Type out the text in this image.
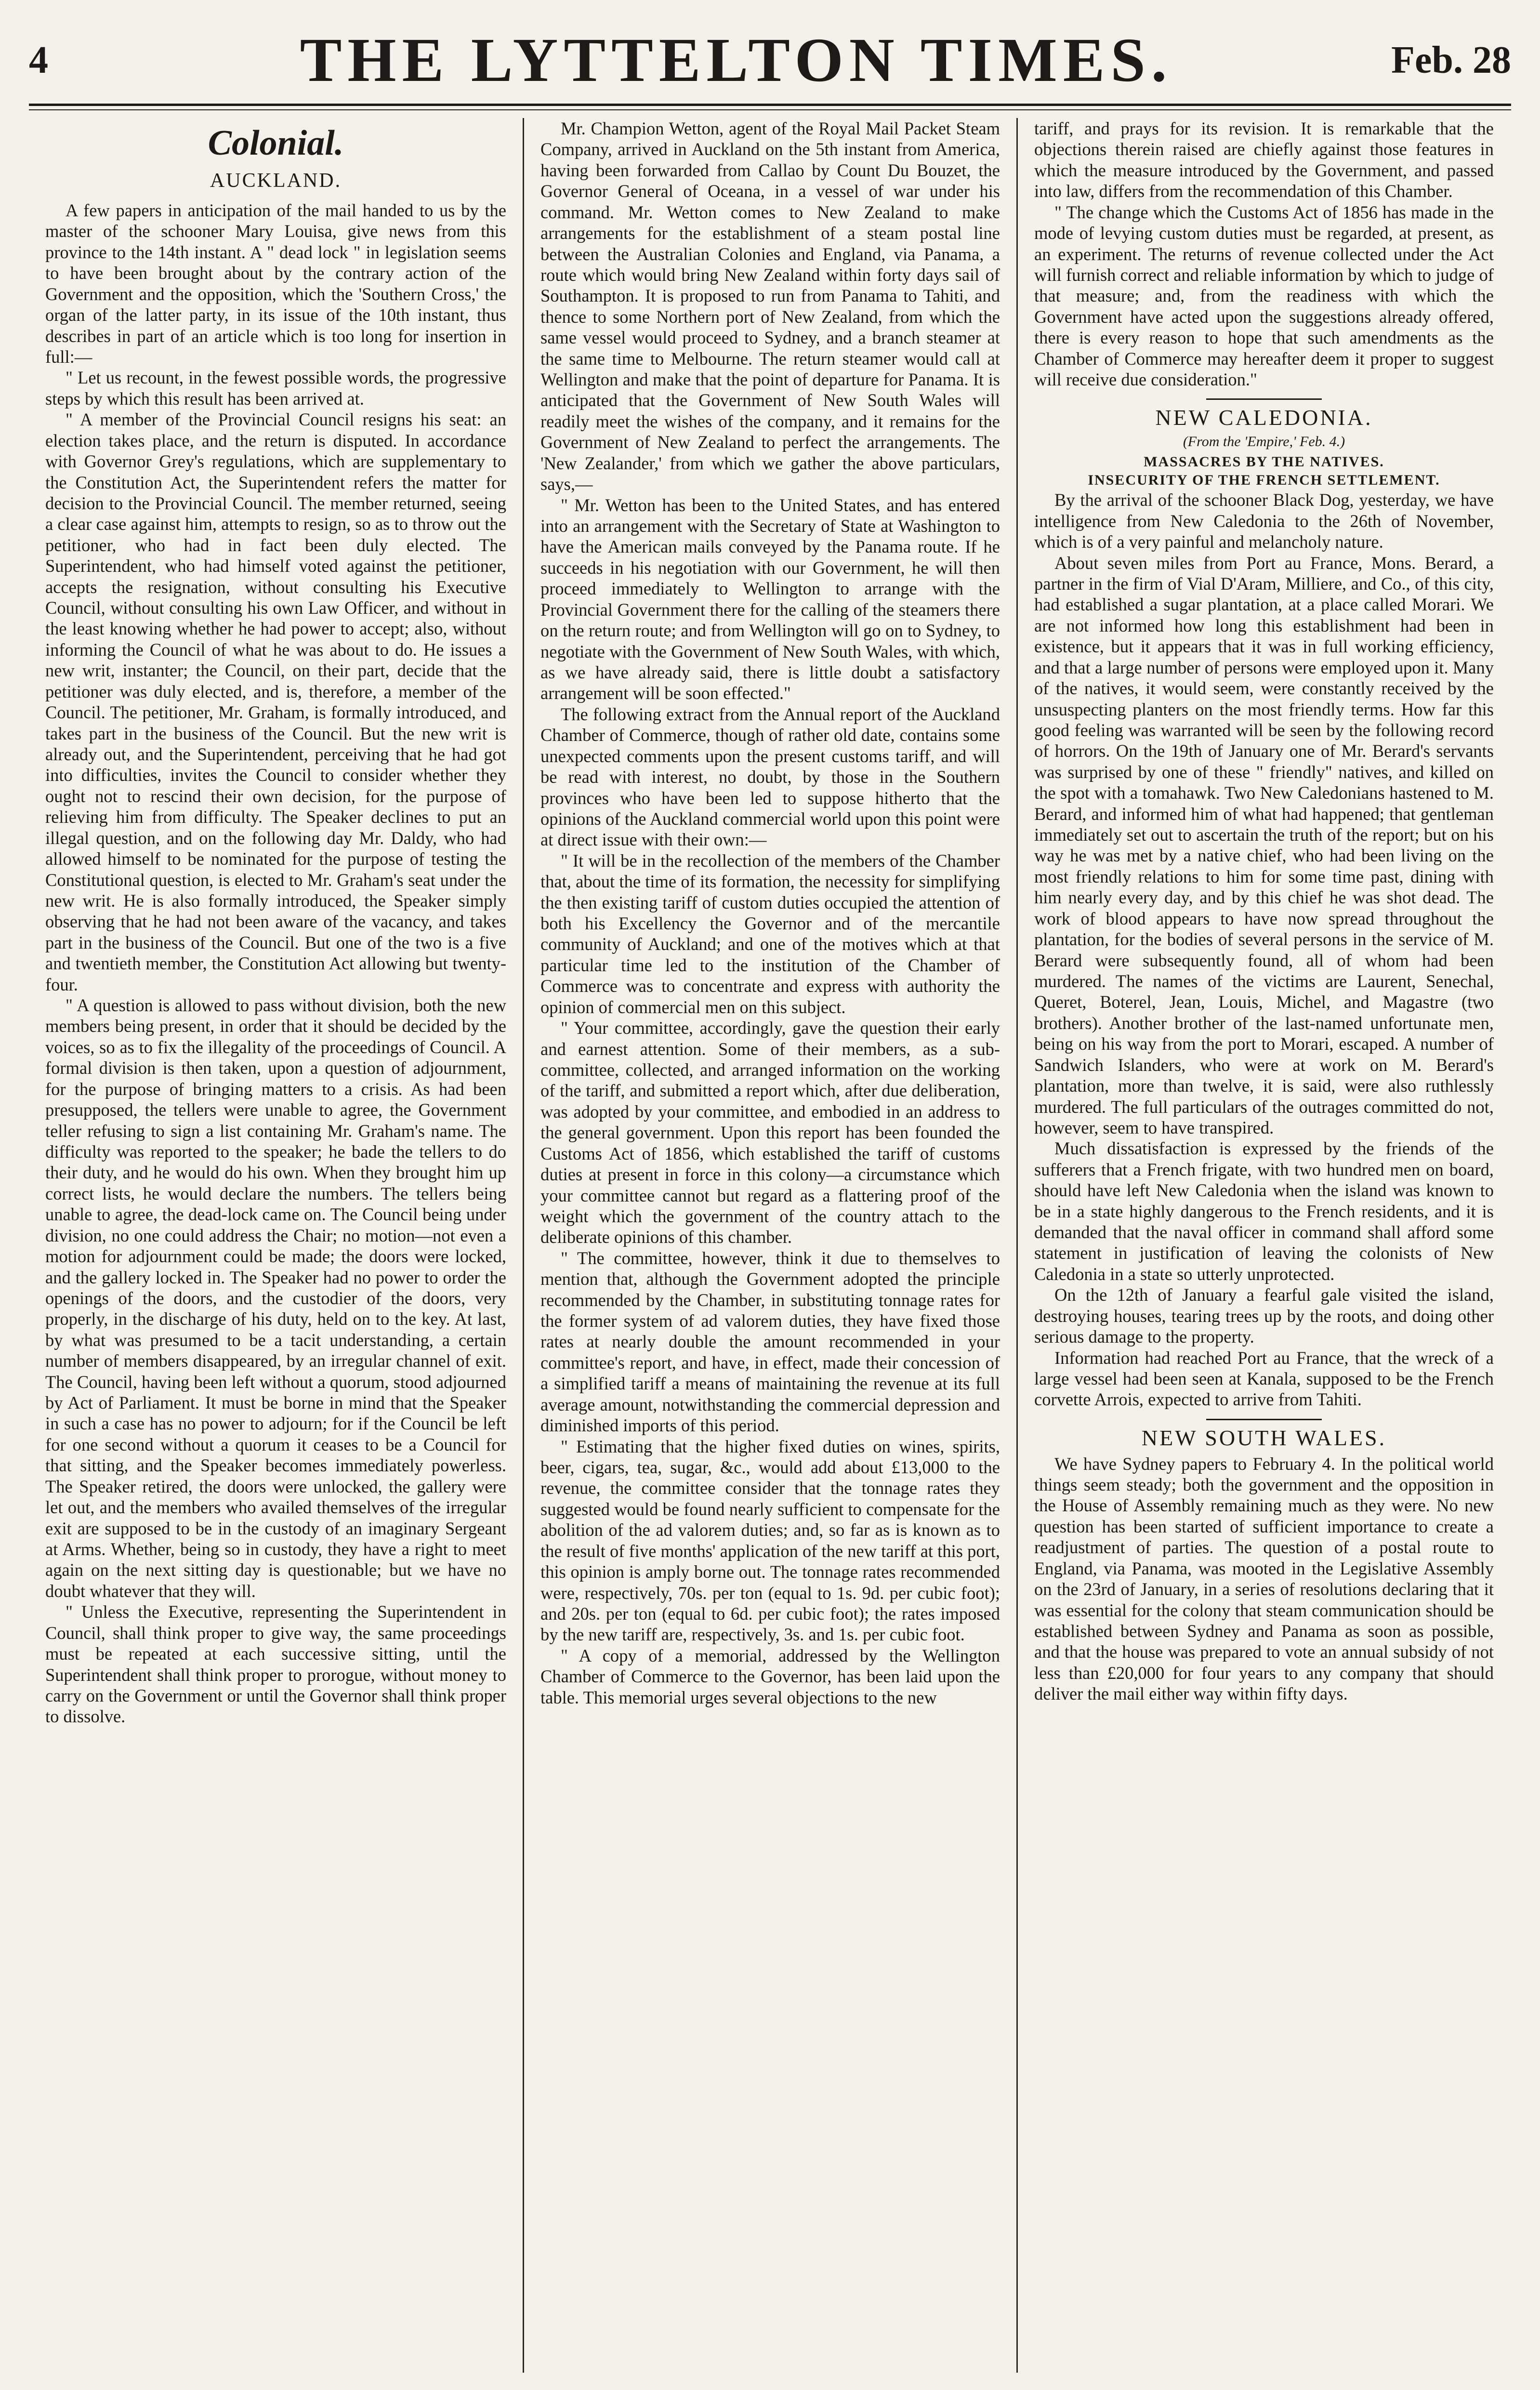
4	THE LYTTELTON TIMES.	Feb. 28
Colonial.
AUCKLAND.

A few papers in anticipation of the mail handed to us by the master of the schooner Mary Louisa, give news from this province to the 14th instant. A " dead lock " in legislation seems to have been brought about by the contrary action of the Government and the opposition, which the 'Southern Cross,' the organ of the latter party, in its issue of the 10th instant, thus describes in part of an article which is too long for insertion in full:—

" Let us recount, in the fewest possible words, the progressive steps by which this result has been arrived at.

" A member of the Provincial Council resigns his seat: an election takes place, and the return is disputed. In accordance with Governor Grey's regulations, which are supplementary to the Constitution Act, the Superintendent refers the matter for decision to the Provincial Council. The member returned, seeing a clear case against him, attempts to resign, so as to throw out the petitioner, who had in fact been duly elected. The Superintendent, who had himself voted against the petitioner, accepts the resignation, without consulting his Executive Council, without consulting his own Law Officer, and without in the least knowing whether he had power to accept; also, without informing the Council of what he was about to do. He issues a new writ, instanter; the Council, on their part, decide that the petitioner was duly elected, and is, therefore, a member of the Council. The petitioner, Mr. Graham, is formally introduced, and takes part in the business of the Council. But the new writ is already out, and the Superintendent, perceiving that he had got into difficulties, invites the Council to consider whether they ought not to rescind their own decision, for the purpose of relieving him from difficulty. The Speaker declines to put an illegal question, and on the following day Mr. Daldy, who had allowed himself to be nominated for the purpose of testing the Constitutional question, is elected to Mr. Graham's seat under the new writ. He is also formally introduced, the Speaker simply observing that he had not been aware of the vacancy, and takes part in the business of the Council. But one of the two is a five and twentieth member, the Constitution Act allowing but twenty-four.

" A question is allowed to pass without division, both the new members being present, in order that it should be decided by the voices, so as to fix the illegality of the proceedings of Council. A formal division is then taken, upon a question of adjournment, for the purpose of bringing matters to a crisis. As had been presupposed, the tellers were unable to agree, the Government teller refusing to sign a list containing Mr. Graham's name. The difficulty was reported to the speaker; he bade the tellers to do their duty, and he would do his own. When they brought him up correct lists, he would declare the numbers. The tellers being unable to agree, the dead-lock came on. The Council being under division, no one could address the Chair; no motion—not even a motion for adjournment could be made; the doors were locked, and the gallery locked in. The Speaker had no power to order the openings of the doors, and the custodier of the doors, very properly, in the discharge of his duty, held on to the key. At last, by what was presumed to be a tacit understanding, a certain number of members disappeared, by an irregular channel of exit. The Council, having been left without a quorum, stood adjourned by Act of Parliament. It must be borne in mind that the Speaker in such a case has no power to adjourn; for if the Council be left for one second without a quorum it ceases to be a Council for that sitting, and the Speaker becomes immediately powerless. The Speaker retired, the doors were unlocked, the gallery were let out, and the members who availed themselves of the irregular exit are supposed to be in the custody of an imaginary Sergeant at Arms. Whether, being so in custody, they have a right to meet again on the next sitting day is questionable; but we have no doubt whatever that they will.

" Unless the Executive, representing the Superintendent in Council, shall think proper to give way, the same proceedings must be repeated at each successive sitting, until the Superintendent shall think proper to prorogue, without money to carry on the Government or until the Governor shall think proper to dissolve.

Mr. Champion Wetton, agent of the Royal Mail Packet Steam Company, arrived in Auckland on the 5th instant from America, having been forwarded from Callao by Count Du Bouzet, the Governor General of Oceana, in a vessel of war under his command. Mr. Wetton comes to New Zealand to make arrangements for the establishment of a steam postal line between the Australian Colonies and England, via Panama, a route which would bring New Zealand within forty days sail of Southampton. It is proposed to run from Panama to Tahiti, and thence to some Northern port of New Zealand, from which the same vessel would proceed to Sydney, and a branch steamer at the same time to Melbourne. The return steamer would call at Wellington and make that the point of departure for Panama. It is anticipated that the Government of New South Wales will readily meet the wishes of the company, and it remains for the Government of New Zealand to perfect the arrangements. The 'New Zealander,' from which we gather the above particulars, says,—

" Mr. Wetton has been to the United States, and has entered into an arrangement with the Secretary of State at Washington to have the American mails conveyed by the Panama route. If he succeeds in his negotiation with our Government, he will then proceed immediately to Wellington to arrange with the Provincial Government there for the calling of the steamers there on the return route; and from Wellington will go on to Sydney, to negotiate with the Government of New South Wales, with which, as we have already said, there is little doubt a satisfactory arrangement will be soon effected."

The following extract from the Annual report of the Auckland Chamber of Commerce, though of rather old date, contains some unexpected comments upon the present customs tariff, and will be read with interest, no doubt, by those in the Southern provinces who have been led to suppose hitherto that the opinions of the Auckland commercial world upon this point were at direct issue with their own:—

" It will be in the recollection of the members of the Chamber that, about the time of its formation, the necessity for simplifying the then existing tariff of custom duties occupied the attention of both his Excellency the Governor and of the mercantile community of Auckland; and one of the motives which at that particular time led to the institution of the Chamber of Commerce was to concentrate and express with authority the opinion of commercial men on this subject.

" Your committee, accordingly, gave the question their early and earnest attention. Some of their members, as a sub-committee, collected, and arranged information on the working of the tariff, and submitted a report which, after due deliberation, was adopted by your committee, and embodied in an address to the general government. Upon this report has been founded the Customs Act of 1856, which established the tariff of customs duties at present in force in this colony—a circumstance which your committee cannot but regard as a flattering proof of the weight which the government of the country attach to the deliberate opinions of this chamber.

" The committee, however, think it due to themselves to mention that, although the Government adopted the principle recommended by the Chamber, in substituting tonnage rates for the former system of ad valorem duties, they have fixed those rates at nearly double the amount recommended in your committee's report, and have, in effect, made their concession of a simplified tariff a means of maintaining the revenue at its full average amount, notwithstanding the commercial depression and diminished imports of this period.

" Estimating that the higher fixed duties on wines, spirits, beer, cigars, tea, sugar, &c., would add about £13,000 to the revenue, the committee consider that the tonnage rates they suggested would be found nearly sufficient to compensate for the abolition of the ad valorem duties; and, so far as is known as to the result of five months' application of the new tariff at this port, this opinion is amply borne out. The tonnage rates recommended were, respectively, 70s. per ton (equal to 1s. 9d. per cubic foot); and 20s. per ton (equal to 6d. per cubic foot); the rates imposed by the new tariff are, respectively, 3s. and 1s. per cubic foot.

" A copy of a memorial, addressed by the Wellington Chamber of Commerce to the Governor, has been laid upon the table. This memorial urges several objections to the new

tariff, and prays for its revision. It is remarkable that the objections therein raised are chiefly against those features in which the measure introduced by the Government, and passed into law, differs from the recommendation of this Chamber.

" The change which the Customs Act of 1856 has made in the mode of levying custom duties must be regarded, at present, as an experiment. The returns of revenue collected under the Act will furnish correct and reliable information by which to judge of that measure; and, from the readiness with which the Government have acted upon the suggestions already offered, there is every reason to hope that such amendments as the Chamber of Commerce may hereafter deem it proper to suggest will receive due consideration."

NEW CALEDONIA.
(From the 'Empire,' Feb. 4.)
MASSACRES BY THE NATIVES.
INSECURITY OF THE FRENCH SETTLEMENT.

By the arrival of the schooner Black Dog, yesterday, we have intelligence from New Caledonia to the 26th of November, which is of a very painful and melancholy nature.

About seven miles from Port au France, Mons. Berard, a partner in the firm of Vial D'Aram, Milliere, and Co., of this city, had established a sugar plantation, at a place called Morari. We are not informed how long this establishment had been in existence, but it appears that it was in full working efficiency, and that a large number of persons were employed upon it. Many of the natives, it would seem, were constantly received by the unsuspecting planters on the most friendly terms. How far this good feeling was warranted will be seen by the following record of horrors. On the 19th of January one of Mr. Berard's servants was surprised by one of these " friendly" natives, and killed on the spot with a tomahawk. Two New Caledonians hastened to M. Berard, and informed him of what had happened; that gentleman immediately set out to ascertain the truth of the report; but on his way he was met by a native chief, who had been living on the most friendly relations to him for some time past, dining with him nearly every day, and by this chief he was shot dead. The work of blood appears to have now spread throughout the plantation, for the bodies of several persons in the service of M. Berard were subsequently found, all of whom had been murdered. The names of the victims are Laurent, Senechal, Queret, Boterel, Jean, Louis, Michel, and Magastre (two brothers). Another brother of the last-named unfortunate men, being on his way from the port to Morari, escaped. A number of Sandwich Islanders, who were at work on M. Berard's plantation, more than twelve, it is said, were also ruthlessly murdered. The full particulars of the outrages committed do not, however, seem to have transpired.

Much dissatisfaction is expressed by the friends of the sufferers that a French frigate, with two hundred men on board, should have left New Caledonia when the island was known to be in a state highly dangerous to the French residents, and it is demanded that the naval officer in command shall afford some statement in justification of leaving the colonists of New Caledonia in a state so utterly unprotected.

On the 12th of January a fearful gale visited the island, destroying houses, tearing trees up by the roots, and doing other serious damage to the property.

Information had reached Port au France, that the wreck of a large vessel had been seen at Kanala, supposed to be the French corvette Arrois, expected to arrive from Tahiti.

NEW SOUTH WALES.

We have Sydney papers to February 4. In the political world things seem steady; both the government and the opposition in the House of Assembly remaining much as they were. No new question has been started of sufficient importance to create a readjustment of parties. The question of a postal route to England, via Panama, was mooted in the Legislative Assembly on the 23rd of January, in a series of resolutions declaring that it was essential for the colony that steam communication should be established between Sydney and Panama as soon as possible, and that the house was prepared to vote an annual subsidy of not less than £20,000 for four years to any company that should deliver the mail either way within fifty days.
